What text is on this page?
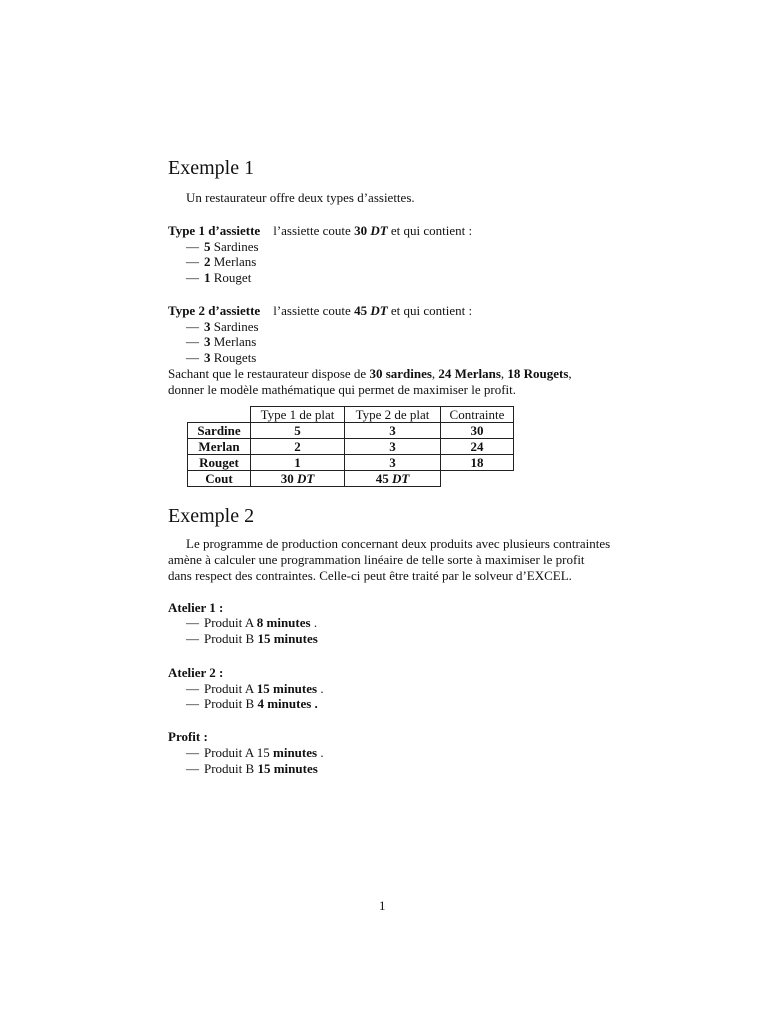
Exemple 1
Un restaurateur offre deux types d’assiettes.
Type 1 d’assiette l’assiette coute 30 DT et qui contient :
— 5 Sardines
— 2 Merlans
— 1 Rouget
Type 2 d’assiette l’assiette coute 45 DT et qui contient :
— 3 Sardines
— 3 Merlans
— 3 Rougets
Sachant que le restaurateur dispose de 30 sardines, 24 Merlans, 18 Rougets,
donner le modèle mathématique qui permet de maximiser le profit.
	Type 1 de plat	Type 2 de plat	Contrainte
Sardine	5	3	30
Merlan	2	3	24
Rouget	1	3	18
Cout	30 DT	45 DT	
Exemple 2
Le programme de production concernant deux produits avec plusieurs contraintes
amène à calculer une programmation linéaire de telle sorte à maximiser le profit
dans respect des contraintes. Celle-ci peut être traité par le solveur d’EXCEL.
Atelier 1 :
— Produit A 8 minutes .
— Produit B 15 minutes
Atelier 2 :
— Produit A 15 minutes .
— Produit B 4 minutes .
Profit :
— Produit A 15 minutes .
— Produit B 15 minutes
1
